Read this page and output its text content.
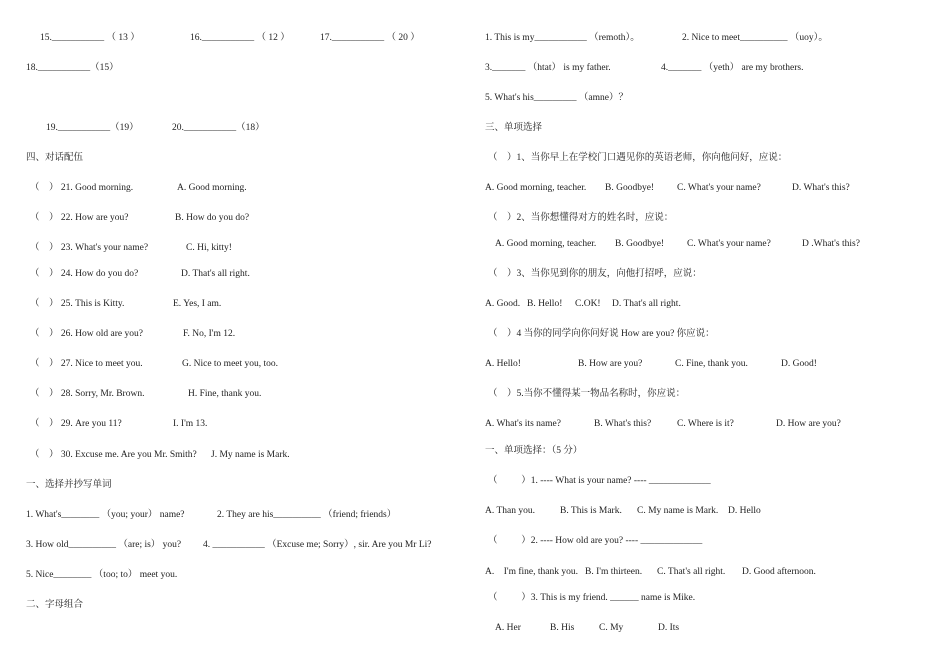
15.___________ （ 13 ）	16.___________ （ 12 ）	17.___________ （ 20 ）
18.___________（15）
19.___________（19）	20.___________（18）
四、对话配伍
（    ） 21. Good morning.	A. Good morning.
（    ） 22. How are you?	B. How do you do?
（    ） 23. What's your name?	C. Hi, kitty!
（    ） 24. How do you do?	D. That's all right.
（    ） 25. This is Kitty.	E. Yes, I am.
（    ） 26. How old are you?	F. No, I'm 12.
（    ） 27. Nice to meet you.	G. Nice to meet you, too.
（    ） 28. Sorry, Mr. Brown.	H. Fine, thank you.
（    ） 29. Are you 11?	I. I'm 13.
（    ） 30. Excuse me. Are you Mr. Smith? J. My name is Mark.
一、选择并抄写单词
1. What's________ （you; your） name?	2. They are his__________ （friend; friends）
3. How old__________ （are; is） you? 4. ___________ （Excuse me; Sorry）, sir. Are you Mr Li?
5. Nice________ （too; to） meet you.
二、字母组合
1. This is my___________ （remoth）。	2. Nice to meet__________ （uoy）。
3._______ （htat） is my father.	4._______ （yeth） are my brothers.
5. What's his_________ （amne）？
三、单项选择
（    ）1、当你早上在学校门口遇见你的英语老师，你向他问好，应说：
A. Good morning, teacher. B. Goodbye! C. What's your name?	D. What's this?
（    ）2、当你想懂得对方的姓名时，应说：
A. Good morning, teacher. B. Goodbye! C. What's your name?	D .What's this?
（    ）3、当你见到你的朋友，向他打招呼，应说：
A. Good. B. Hello! C.OK! D. That's all right.
（    ）4 当你的同学向你问好说 How are you? 你应说：
A. Hello!	B. How are you?	C. Fine, thank you.	D. Good!
（    ）5.当你不懂得某一物品名称时，你应说：
A. What's its name?	B. What's this?	C. Where is it?	D. How are you?
一、单项选择：（5 分）
（          ）1. ---- What is your name? ---- _____________
A. Than you.	B. This is Mark. C. My name is Mark. D. Hello
（          ）2. ---- How old are you? ---- _____________
A.    I'm fine, thank you. B. I'm thirteen. C. That's all right. D. Good afternoon.
（          ）3. This is my friend. ______ name is Mike.
A. Her	B. His	C. My	D. Its
